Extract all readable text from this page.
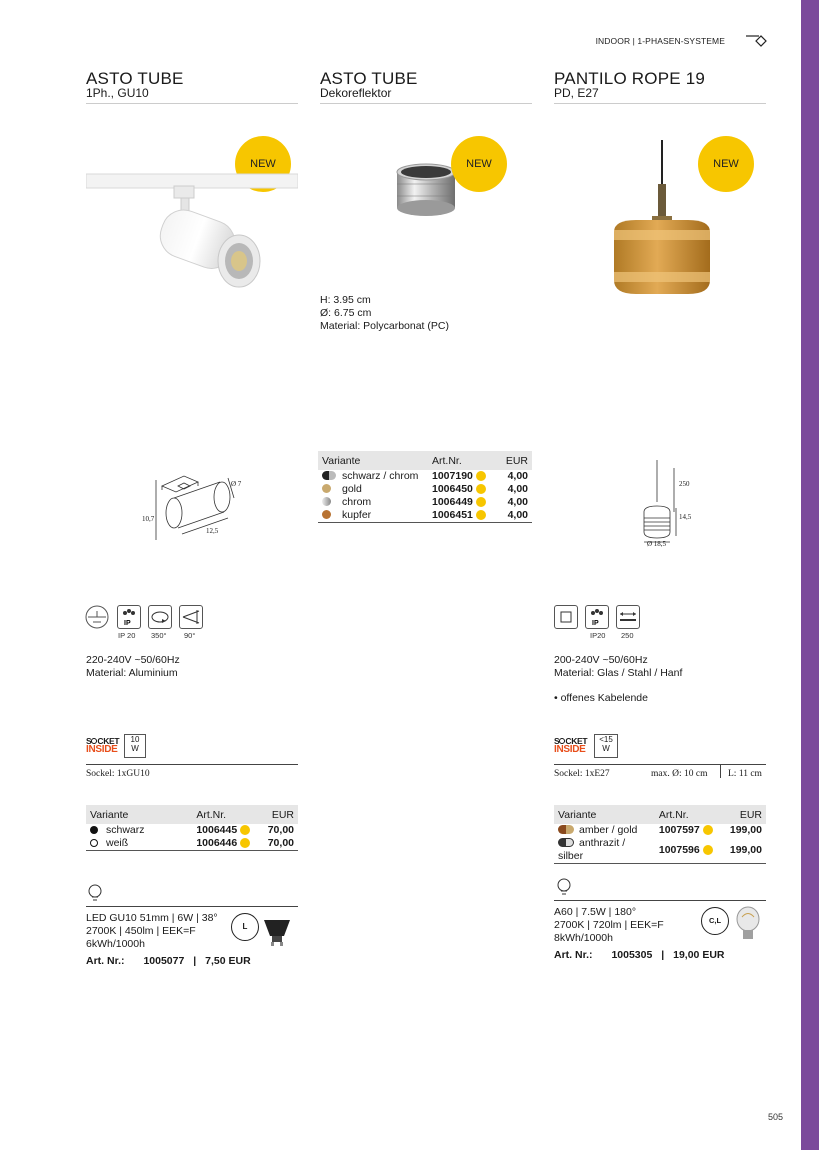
INDOOR | 1-PHASEN-SYSTEME
ASTO TUBE
1Ph., GU10
NEW
Ø 7
10,7
12,5
IP
IP 20 350° 90°
220-240V ~50/60Hz
Material: Aluminium
S CKET
INSIDE
10
W
Sockel: 1xGU10
Variante	Art.Nr.	EUR
schwarz	1006445	70,00
weiß	1006446	70,00
LED GU10 51mm | 6W | 38°
2700K | 450lm | EEK=F
6kWh/1000h
L
Art. Nr.: 1005077 | 7,50 EUR
ASTO TUBE
Dekoreflektor
NEW
H: 3.95 cm
Ø: 6.75 cm
Material: Polycarbonat (PC)
Variante	Art.Nr.	EUR
schwarz / chrom	1007190	4,00
gold	1006450	4,00
chrom	1006449	4,00
kupfer	1006451	4,00
PANTILO ROPE 19
PD, E27
NEW
250
14,5
Ø 18,5
IP
IP20 250
200-240V ~50/60Hz
Material: Glas / Stahl / Hanf
• offenes Kabelende
S CKET
INSIDE
<15
W
Sockel: 1xE27	max. Ø: 10 cm L: 11 cm
Variante	Art.Nr.	EUR
amber / gold	1007597	199,00
anthrazit / silber	1007596	199,00
A60 | 7.5W | 180°
2700K | 720lm | EEK=F
8kWh/1000h
C,L
Art. Nr.: 1005305 | 19,00 EUR
505
